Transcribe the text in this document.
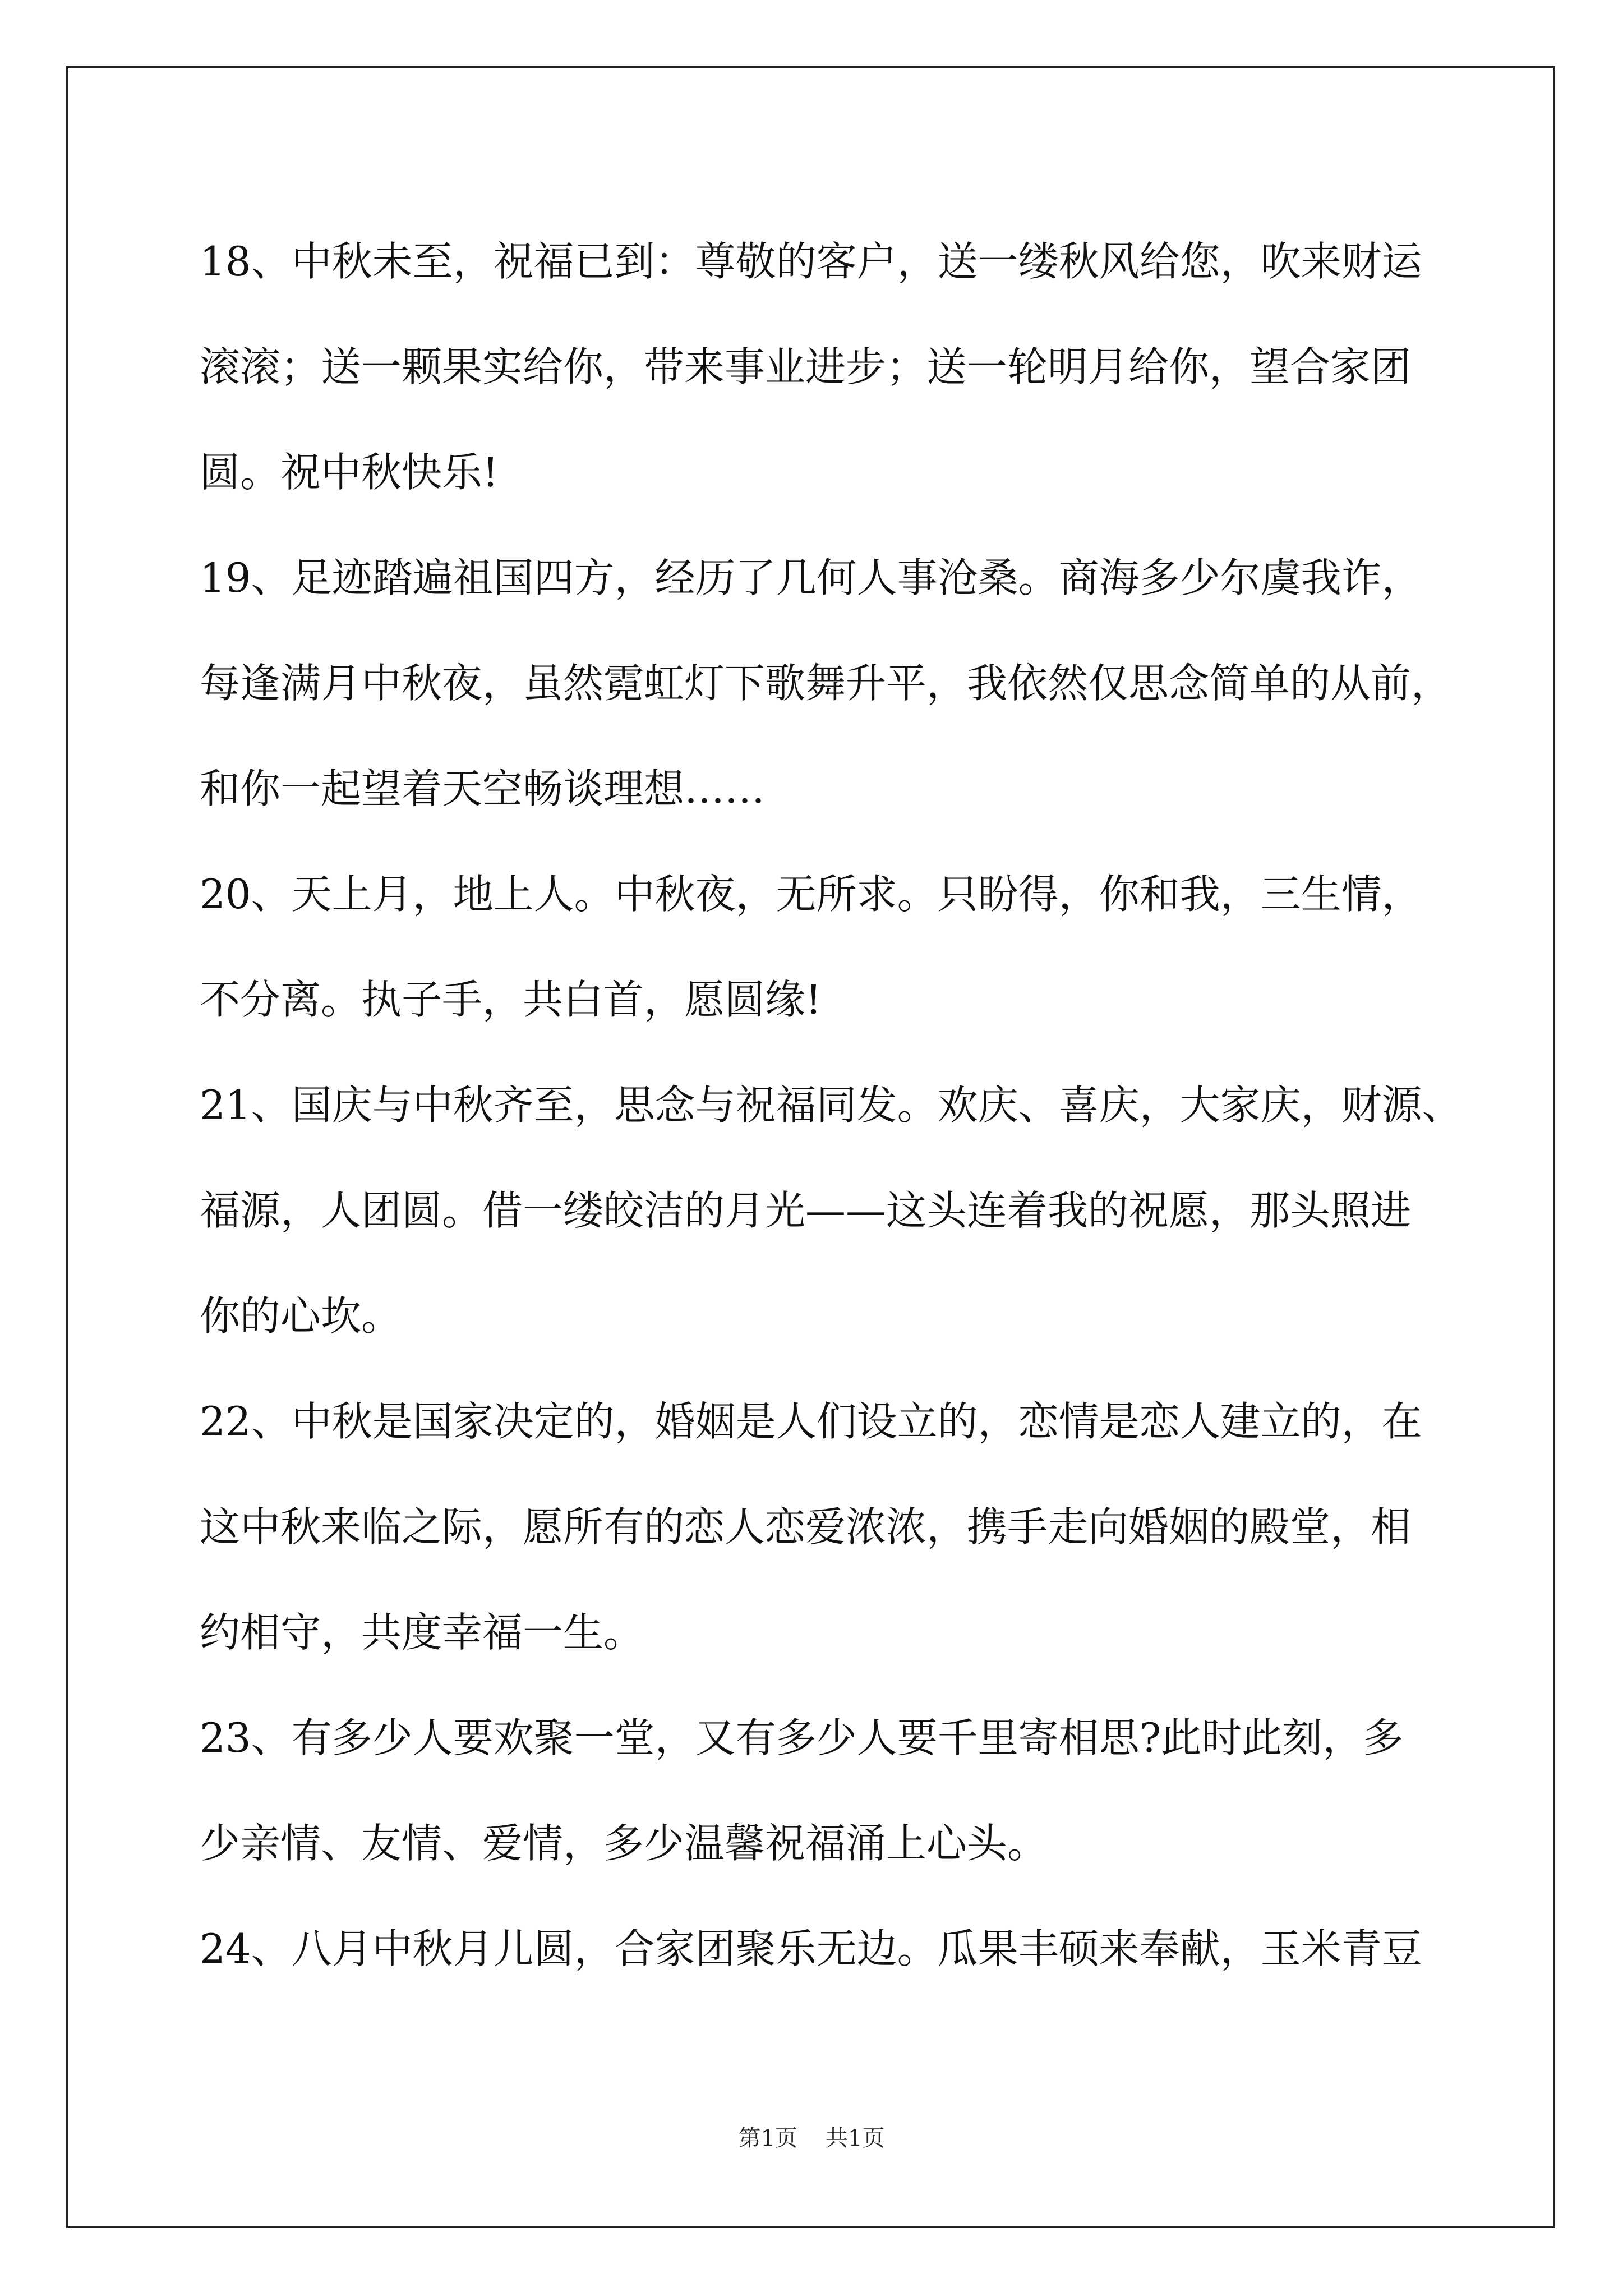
18、中秋未至，祝福已到：尊敬的客户，送一缕秋风给您，吹来财运
滚滚；送一颗果实给你，带来事业进步；送一轮明月给你，望合家团
圆。祝中秋快乐!
19、足迹踏遍祖国四方，经历了几何人事沧桑。商海多少尔虞我诈，
每逢满月中秋夜，虽然霓虹灯下歌舞升平，我依然仅思念简单的从前，
和你一起望着天空畅谈理想……
20、天上月，地上人。中秋夜，无所求。只盼得，你和我，三生情，
不分离。执子手，共白首，愿圆缘!
21、国庆与中秋齐至，思念与祝福同发。欢庆、喜庆，大家庆，财源、
福源，人团圆。借一缕皎洁的月光——这头连着我的祝愿，那头照进
你的心坎。
22、中秋是国家决定的，婚姻是人们设立的，恋情是恋人建立的，在
这中秋来临之际，愿所有的恋人恋爱浓浓，携手走向婚姻的殿堂，相
约相守，共度幸福一生。
23、有多少人要欢聚一堂，又有多少人要千里寄相思?此时此刻，多
少亲情、友情、爱情，多少温馨祝福涌上心头。
24、八月中秋月儿圆，合家团聚乐无边。瓜果丰硕来奉献，玉米青豆
第1页 共1页
